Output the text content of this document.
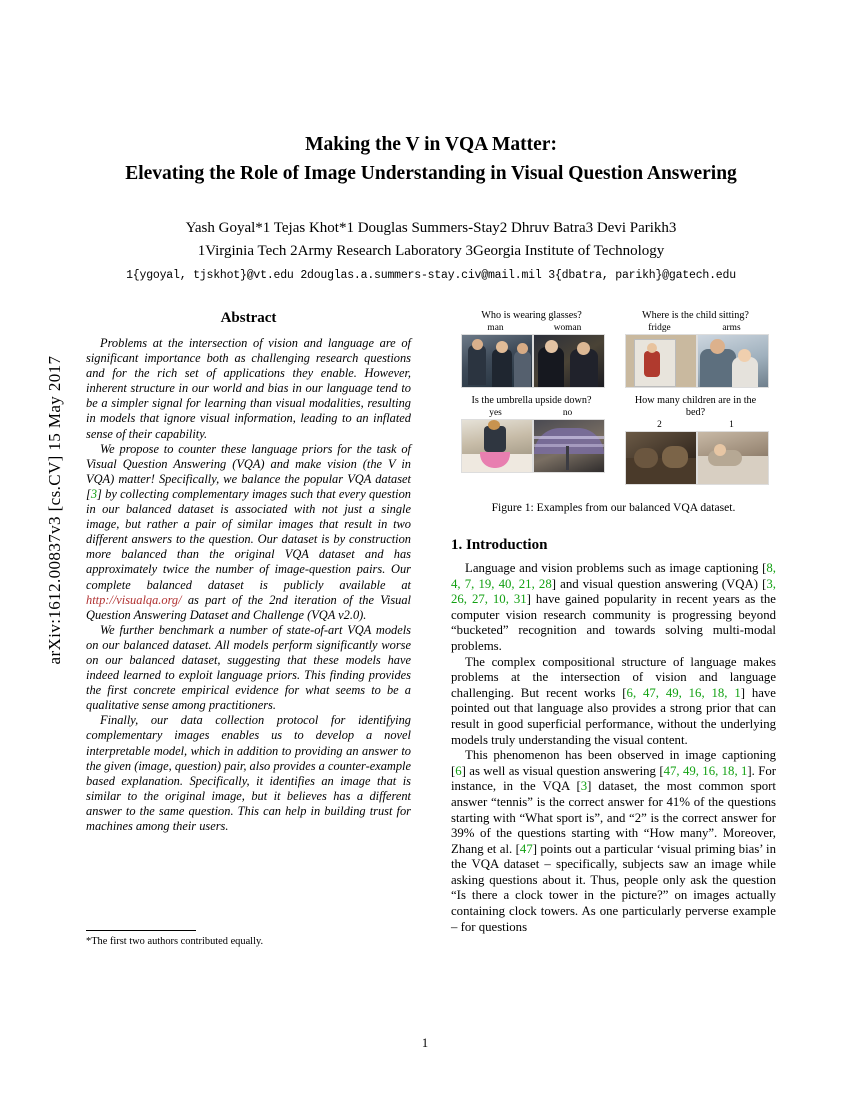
arXiv:1612.00837v3 [cs.CV] 15 May 2017
Making the V in VQA Matter:
Elevating the Role of Image Understanding in Visual Question Answering
Yash Goyal*1 Tejas Khot*1 Douglas Summers-Stay2 Dhruv Batra3 Devi Parikh3
1Virginia Tech 2Army Research Laboratory 3Georgia Institute of Technology
1{ygoyal, tjskhot}@vt.edu 2douglas.a.summers-stay.civ@mail.mil 3{dbatra, parikh}@gatech.edu
Abstract

Problems at the intersection of vision and language are of significant importance both as challenging research questions and for the rich set of applications they enable. However, inherent structure in our world and bias in our language tend to be a simpler signal for learning than visual modalities, resulting in models that ignore visual information, leading to an inflated sense of their capability.

We propose to counter these language priors for the task of Visual Question Answering (VQA) and make vision (the V in VQA) matter! Specifically, we balance the popular VQA dataset [3] by collecting complementary images such that every question in our balanced dataset is associated with not just a single image, but rather a pair of similar images that result in two different answers to the question. Our dataset is by construction more balanced than the original VQA dataset and has approximately twice the number of image-question pairs. Our complete balanced dataset is publicly available at http://visualqa.org/ as part of the 2nd iteration of the Visual Question Answering Dataset and Challenge (VQA v2.0).

We further benchmark a number of state-of-art VQA models on our balanced dataset. All models perform significantly worse on our balanced dataset, suggesting that these models have indeed learned to exploit language priors. This finding provides the first concrete empirical evidence for what seems to be a qualitative sense among practitioners.

Finally, our data collection protocol for identifying complementary images enables us to develop a novel interpretable model, which in addition to providing an answer to the given (image, question) pair, also provides a counter-example based explanation. Specifically, it identifies an image that is similar to the original image, but it believes has a different answer to the same question. This can help in building trust for machines among their users.

*The first two authors contributed equally.
Who is wearing glasses?
man	woman
Where is the child sitting?
fridge	arms
Is the umbrella upside down?
yes	no
How many children are in the bed?
2	1
Figure 1: Examples from our balanced VQA dataset.
1. Introduction

Language and vision problems such as image captioning [8, 4, 7, 19, 40, 21, 28] and visual question answering (VQA) [3, 26, 27, 10, 31] have gained popularity in recent years as the computer vision research community is progressing beyond “bucketed” recognition and towards solving multi-modal problems.

The complex compositional structure of language makes problems at the intersection of vision and language challenging. But recent works [6, 47, 49, 16, 18, 1] have pointed out that language also provides a strong prior that can result in good superficial performance, without the underlying models truly understanding the visual content.

This phenomenon has been observed in image captioning [6] as well as visual question answering [47, 49, 16, 18, 1]. For instance, in the VQA [3] dataset, the most common sport answer “tennis” is the correct answer for 41% of the questions starting with “What sport is”, and “2” is the correct answer for 39% of the questions starting with “How many”. Moreover, Zhang et al. [47] points out a particular ‘visual priming bias’ in the VQA dataset – specifically, subjects saw an image while asking questions about it. Thus, people only ask the question “Is there a clock tower in the picture?” on images actually containing clock towers. As one particularly perverse example – for questions

1
